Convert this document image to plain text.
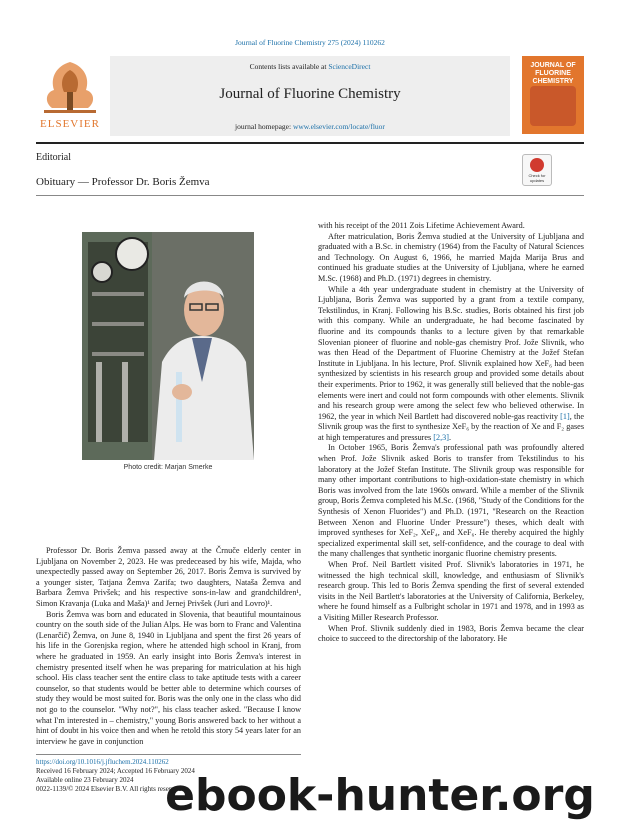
Journal of Fluorine Chemistry 275 (2024) 110262
ELSEVIER
Contents lists available at ScienceDirect
Journal of Fluorine Chemistry
journal homepage: www.elsevier.com/locate/fluor
JOURNAL OF FLUORINE CHEMISTRY
Editorial
Obituary — Professor Dr. Boris Žemva
Check for updates
Photo credit: Marjan Smerke

Professor Dr. Boris Žemva passed away at the Črnuče elderly center in Ljubljana on November 2, 2023. He was predeceased by his wife, Majda, who unexpectedly passed away on September 26, 2017. Boris Žemva is survived by a younger sister, Tatjana Žemva Zarifa; two daughters, Nataša Žemva and Barbara Žemva Privšek; and his respective sons-in-law and grandchildren¹, Simon Kravanja (Luka and Maša)¹ and Jernej Privšek (Juri and Lovro)¹.

Boris Žemva was born and educated in Slovenia, that beautiful mountainous country on the south side of the Julian Alps. He was born to Franc and Valentina (Lenarčič) Žemva, on June 8, 1940 in Ljubljana and spent the first 26 years of his life in the Gorenjska region, where he attended high school in Kranj, from where he graduated in 1959. An early insight into Boris Žemva's interest in chemistry presented itself when he was preparing for matriculation at his high school. His class teacher sent the entire class to take aptitude tests with a career counselor, so that students would be better able to determine which courses of study they would be most suited for. Boris was the only one in the class who did not go to the counselor. "Why not?", his class teacher asked. "Because I know what I'm interested in – chemistry," young Boris answered back to her without a hint of doubt in his voice then and when he retold this story 54 years later for an interview he gave in conjunction

with his receipt of the 2011 Zois Lifetime Achievement Award.

After matriculation, Boris Žemva studied at the University of Ljubljana and graduated with a B.Sc. in chemistry (1964) from the Faculty of Natural Sciences and Technology. On August 6, 1966, he married Majda Marija Brus and continued his graduate studies at the University of Ljubljana, where he earned M.Sc. (1968) and Ph.D. (1971) degrees in chemistry.

While a 4th year undergraduate student in chemistry at the University of Ljubljana, Boris Žemva was supported by a grant from a textile company, Tekstilindus, in Kranj. Following his B.Sc. studies, Boris obtained his first job with this company. While an undergraduate, he had become fascinated by fluorine and its compounds thanks to a lecture given by that remarkable Slovenian pioneer of fluorine and noble-gas chemistry Prof. Jože Slivnik, who was then Head of the Department of Fluorine Chemistry at the Jožef Stefan Institute in Ljubljana. In his lecture, Prof. Slivnik explained how XeF₆ had been synthesized by scientists in his research group and provided some details about their experiments. Prior to 1962, it was generally still believed that the noble-gas elements were inert and could not form compounds with other elements. Slivnik and his research group were among the select few who believed otherwise. In 1962, the year in which Neil Bartlett had discovered noble-gas reactivity [1], the Slivnik group was the first to synthesize XeF₆ by the reaction of Xe and F₂ gases at high temperatures and pressures [2,3].

In October 1965, Boris Žemva's professional path was profoundly altered when Prof. Jože Slivnik asked Boris to transfer from Tekstilindus to his laboratory at the Jožef Stefan Institute. The Slivnik group was responsible for many other important contributions to high-oxidation-state chemistry in which Boris was involved from the late 1960s onward. While a member of the Slivnik group, Boris Žemva completed his M.Sc. (1968, "Study of the Conditions for the Synthesis of Xenon Fluorides") and Ph.D. (1971, "Research on the Reaction Between Xenon and Fluorine Under Pressure") theses, which dealt with improved syntheses for XeF₂, XeF₄, and XeF₆. He thereby acquired the highly specialized experimental skill set, self-confidence, and the courage to deal with the many challenges that synthetic inorganic fluorine chemistry presents.

When Prof. Neil Bartlett visited Prof. Slivnik's laboratories in 1971, he witnessed the high technical skill, knowledge, and enthusiasm of Slivnik's research group. This led to Boris Žemva spending the first of several extended visits in the Neil Bartlett's laboratories at the University of California, Berkeley, where he found himself as a Fulbright scholar in 1971 and 1978, and in 1993 as a Visiting Miller Research Professor.

When Prof. Slivnik suddenly died in 1983, Boris Žemva became the clear choice to succeed to the directorship of the laboratory. He

https://doi.org/10.1016/j.jfluchem.2024.110262
Received 16 February 2024; Accepted 16 February 2024
Available online 23 February 2024
0022-1139/© 2024 Elsevier B.V. All rights reserved.
ebook-hunter.org
